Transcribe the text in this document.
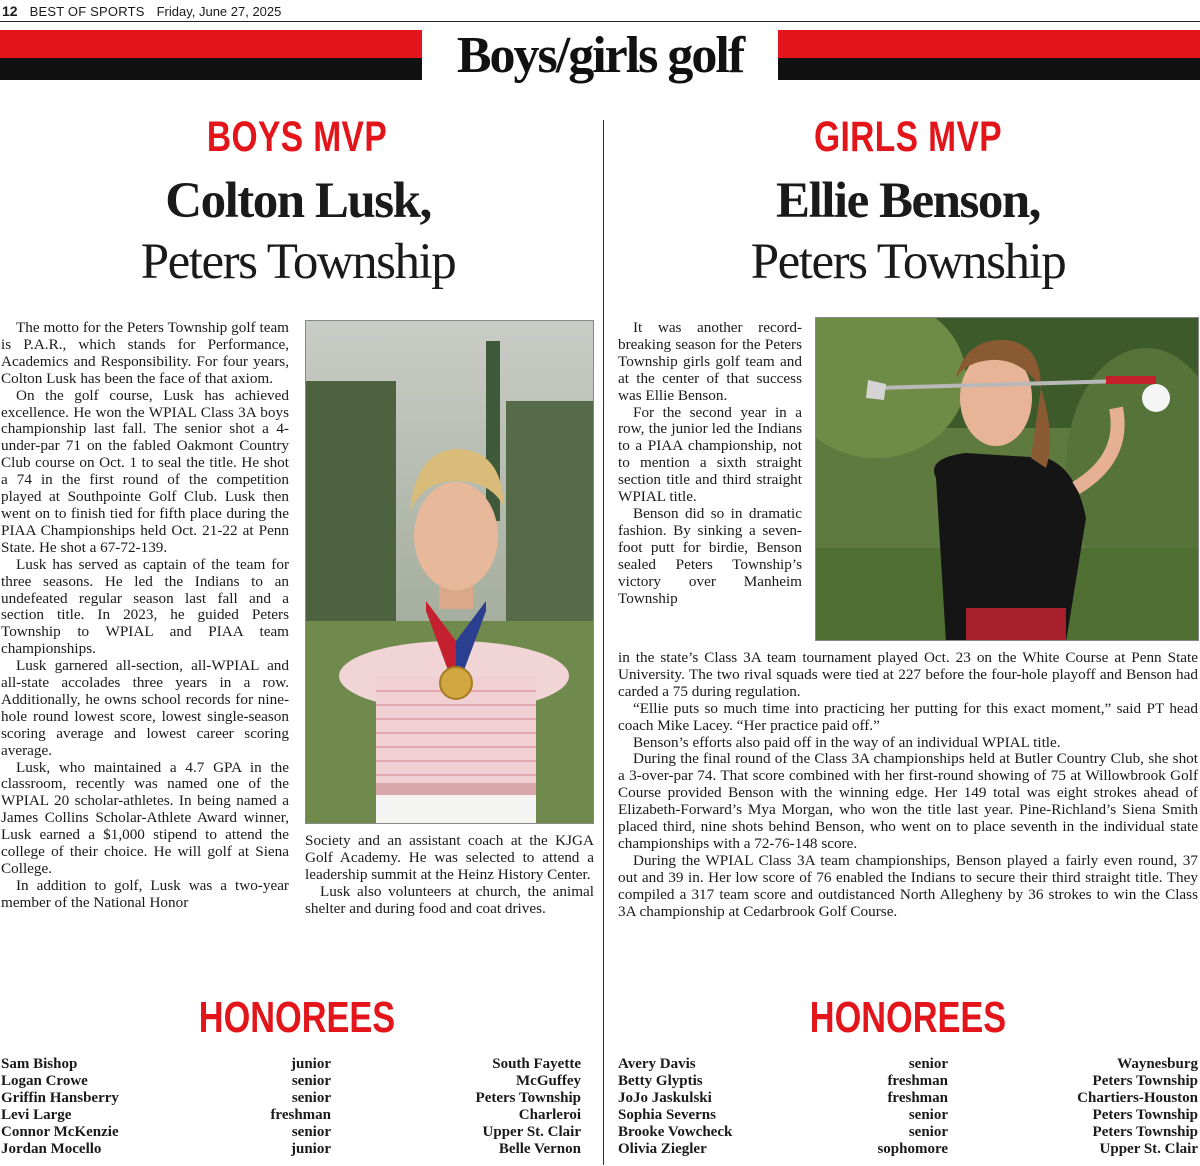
12 BEST OF SPORTS Friday, June 27, 2025
Boys/girls golf
BOYS MVP
Colton Lusk,
Peters Township

The motto for the Peters Township golf team is P.A.R., which stands for Performance, Academics and Responsibility. For four years, Colton Lusk has been the face of that axiom.

On the golf course, Lusk has achieved excellence. He won the WPIAL Class 3A boys championship last fall. The senior shot a 4-under-par 71 on the fabled Oakmont Country Club course on Oct. 1 to seal the title. He shot a 74 in the first round of the competition played at Southpointe Golf Club. Lusk then went on to finish tied for fifth place during the PIAA Championships held Oct. 21-22 at Penn State. He shot a 67-72-139.

Lusk has served as captain of the team for three seasons. He led the Indians to an undefeated regular season last fall and a section title. In 2023, he guided Peters Township to WPIAL and PIAA team championships.

Lusk garnered all-section, all-WPIAL and all-state accolades three years in a row. Additionally, he owns school records for nine-hole round lowest score, lowest single-season scoring average and lowest career scoring average.

Lusk, who maintained a 4.7 GPA in the classroom, recently was named one of the WPIAL 20 scholar-athletes. In being named a James Collins Scholar-Athlete Award winner, Lusk earned a $1,000 stipend to attend the college of their choice. He will golf at Siena College.

In addition to golf, Lusk was a two-year member of the National Honor

Society and an assistant coach at the KJGA Golf Academy. He was selected to attend a leadership summit at the Heinz History Center.

Lusk also volunteers at church, the animal shelter and during food and coat drives.

HONOREES
Sam Bishop	junior	South Fayette
Logan Crowe	senior	McGuffey
Griffin Hansberry	senior	Peters Township
Levi Large	freshman	Charleroi
Connor McKenzie	senior	Upper St. Clair
Jordan Mocello	junior	Belle Vernon
GIRLS MVP
Ellie Benson,
Peters Township

It was another record-breaking season for the Peters Township girls golf team and at the center of that success was Ellie Benson.

For the second year in a row, the junior led the Indians to a PIAA championship, not to mention a sixth straight section title and third straight WPIAL title.

Benson did so in dramatic fashion. By sinking a seven-foot putt for birdie, Benson sealed Peters Township’s victory over Manheim Township

in the state’s Class 3A team tournament played Oct. 23 on the White Course at Penn State University. The two rival squads were tied at 227 before the four-hole playoff and Benson had carded a 75 during regulation.

“Ellie puts so much time into practicing her putting for this exact moment,” said PT head coach Mike Lacey. “Her practice paid off.”

Benson’s efforts also paid off in the way of an individual WPIAL title.

During the final round of the Class 3A championships held at Butler Country Club, she shot a 3-over-par 74. That score combined with her first-round showing of 75 at Willowbrook Golf Course provided Benson with the winning edge. Her 149 total was eight strokes ahead of Elizabeth-Forward’s Mya Morgan, who won the title last year. Pine-Richland’s Siena Smith placed third, nine shots behind Benson, who went on to place seventh in the individual state championships with a 72-76-148 score.

During the WPIAL Class 3A team championships, Benson played a fairly even round, 37 out and 39 in. Her low score of 76 enabled the Indians to secure their third straight title. They compiled a 317 team score and outdistanced North Allegheny by 36 strokes to win the Class 3A championship at Cedarbrook Golf Course.

HONOREES
Avery Davis	senior	Waynesburg
Betty Glyptis	freshman	Peters Township
JoJo Jaskulski	freshman	Chartiers-Houston
Sophia Severns	senior	Peters Township
Brooke Vowcheck	senior	Peters Township
Olivia Ziegler	sophomore	Upper St. Clair
